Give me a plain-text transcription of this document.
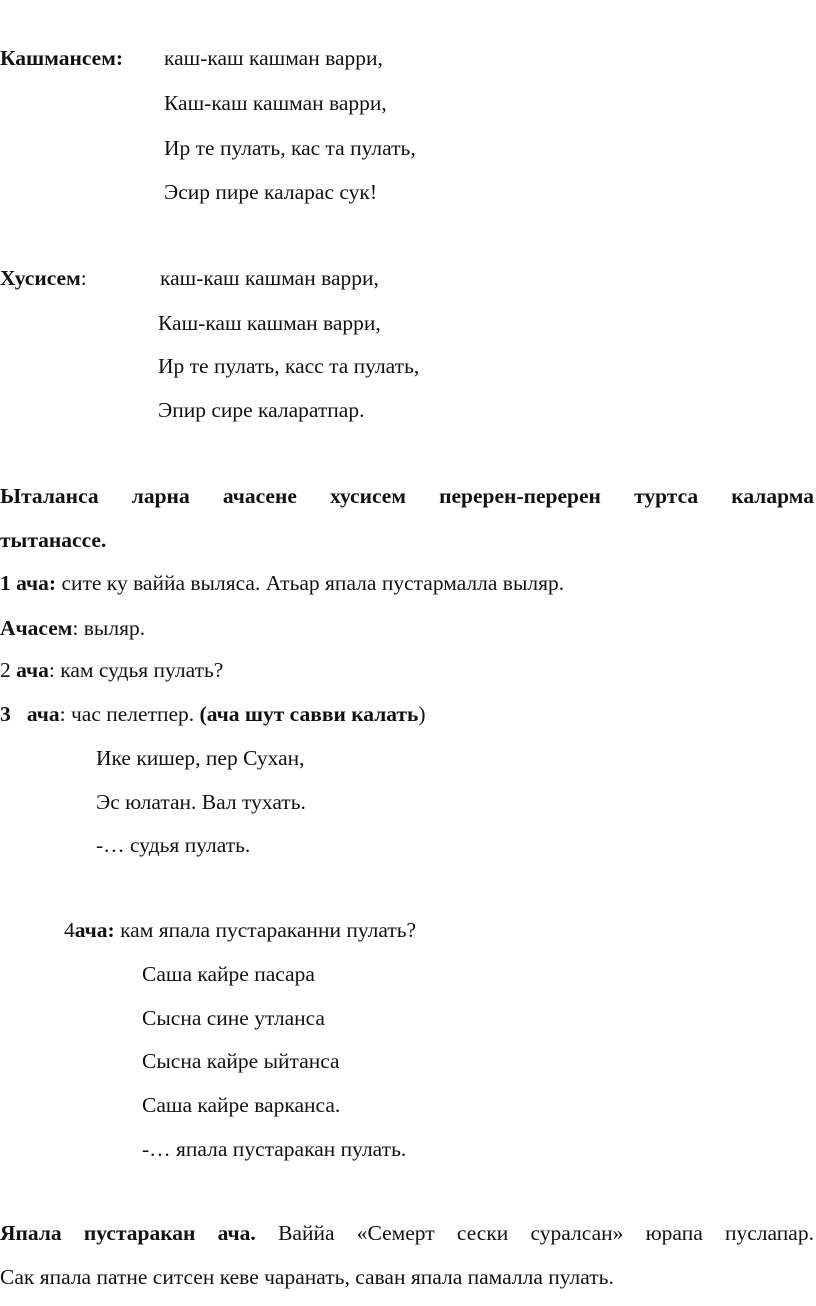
Кашмансем: каш-каш кашман варри,
Каш-каш кашман варри,
Ир те пулать, кас та пулать,
Эсир пире каларас сук!
Хусисем:	каш-каш кашман варри,
Каш-каш кашман варри,
Ир те пулать, касс та пулать,
Эпир сире каларатпар.
Ыталанса ларна ачасене хусисем перерен-перерен туртса каларма
тытанассе.
1 ача: сите ку ваййа выляса. Атьар япала пустармалла выляр.
Ачасем: выляр.
2 ача: кам судья пулать?
3   ача: час пелетпер. (ача шут савви калать)
Ике кишер, пер Сухан,
Эс юлатан. Вал тухать.
-… судья пулать.
4ача: кам япала пустараканни пулать?
Саша кайре пасара
Сысна сине утланса
Сысна кайре ыйтанса
Саша кайре варканса.
-… япала пустаракан пулать.
Япала пустаракан ача. Ваййа «Семерт сески суралсан» юрапа пуслапар.
Сак япала патне ситсен кеве чаранать, саван япала памалла пулать.
